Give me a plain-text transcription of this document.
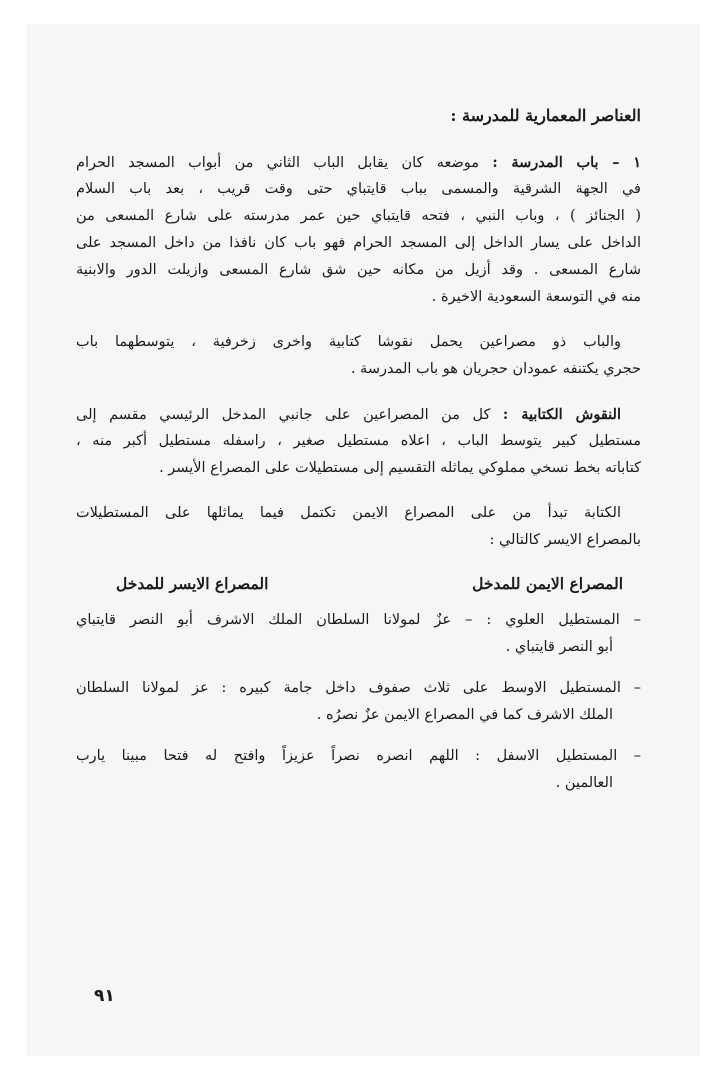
العناصر المعمارية للمدرسة :
١ – باب المدرسة : موضعه كان يقابل الباب الثاني من أبواب المسجد الحرام
في الجهة الشرقية والمسمى بباب قايتباي حتى وقت قريب ، بعد باب السلام
( الجنائز ) ، وباب النبي ، فتحه قايتباي حين عمر مدرسته على شارع المسعى من
الداخل على يسار الداخل إلى المسجد الحرام فهو باب كان نافذا من داخل المسجد على
شارع المسعى . وقد أزيل من مكانه حين شق شارع المسعى وازيلت الدور والابنية
منه في التوسعة السعودية الاخيرة .
والباب ذو مصراعين يحمل نقوشا كتابية واخرى زخرفية ، يتوسطهما باب
حجري يكتنفه عمودان حجريان هو باب المدرسة .
النقوش الكتابية : كل من المصراعين على جانبي المدخل الرئيسي مقسم إلى
مستطيل كبير يتوسط الباب ، اعلاه مستطيل صغير ، راسفله مستطيل أكبر منه ،
كتاباته بخط نسخي مملوكي يماثله التقسيم إلى مستطيلات على المصراع الأيسر .
الكتابة تبدأ من على المصراع الايمن تكتمل فيما يماثلها على المستطيلات
بالمصراع الايسر كالتالي :
المصراع الايمن للمدخل
المصراع الايسر للمدخل
– المستطيل العلوي : – عزٌ لمولانا السلطان الملك الاشرف أبو النصر قايتباي
أبو النصر قايتباي .
– المستطيل الاوسط على ثلاث صفوف داخل جامة كبيره : عز لمولانا السلطان
الملك الاشرف كما في المصراع الايمن عزٌ نصرُه .
– المستطيل الاسفل : اللهم انصره نصراً عزيزاً وافتح له فتحا مبينا يارب
العالمين .
٩١
